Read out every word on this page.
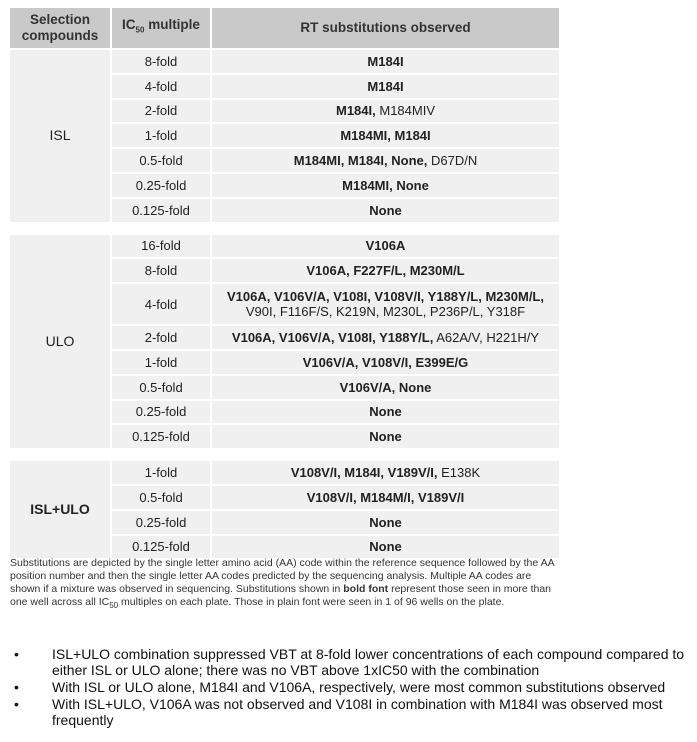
Selection compounds	$IC_{50}$ multiple	RT substitutions observed
ISL	8-fold	M184I
	4-fold	M184I
	2-fold	M184I, M184MIV
	1-fold	M184MI, M184I
	0.5-fold	M184MI, M184I, None, D67D/N
	0.25-fold	M184MI, None
	0.125-fold	None

ULO	16-fold	V106A
	8-fold	V106A, F227F/L, M230M/L
	4-fold	V106A, V106V/A, V108I, V108V/I, Y188Y/L, M230M/L,
V90I, F116F/S, K219N, M230L, P236P/L, Y318F
	2-fold	V106A, V106V/A, V108I, Y188Y/L, A62A/V, H221H/Y
	1-fold	V106V/A, V108V/I, E399E/G
	0.5-fold	V106V/A, None
	0.25-fold	None
	0.125-fold	None

ISL+ULO	1-fold	V108V/I, M184I, V189V/I, E138K
	0.5-fold	V108V/I, M184M/I, V189V/I
	0.25-fold	None
	0.125-fold	None
Substitutions are depicted by the single letter amino acid (AA) code within the reference sequence followed by the AA position number and then the single letter AA codes predicted by the sequencing analysis. Multiple AA codes are shown if a mixture was observed in sequencing. Substitutions shown in bold font represent those seen in more than one well across all $IC_{50}$ multiples on each plate. Those in plain font were seen in 1 of 96 wells on the plate.
•	ISL+ULO combination suppressed VBT at 8-fold lower concentrations of each compound compared to either ISL or ULO alone; there was no VBT above 1xIC50 with the combination
•	With ISL or ULO alone, M184I and V106A, respectively, were most common substitutions observed
•	With ISL+ULO, V106A was not observed and V108I in combination with M184I was observed most frequently
